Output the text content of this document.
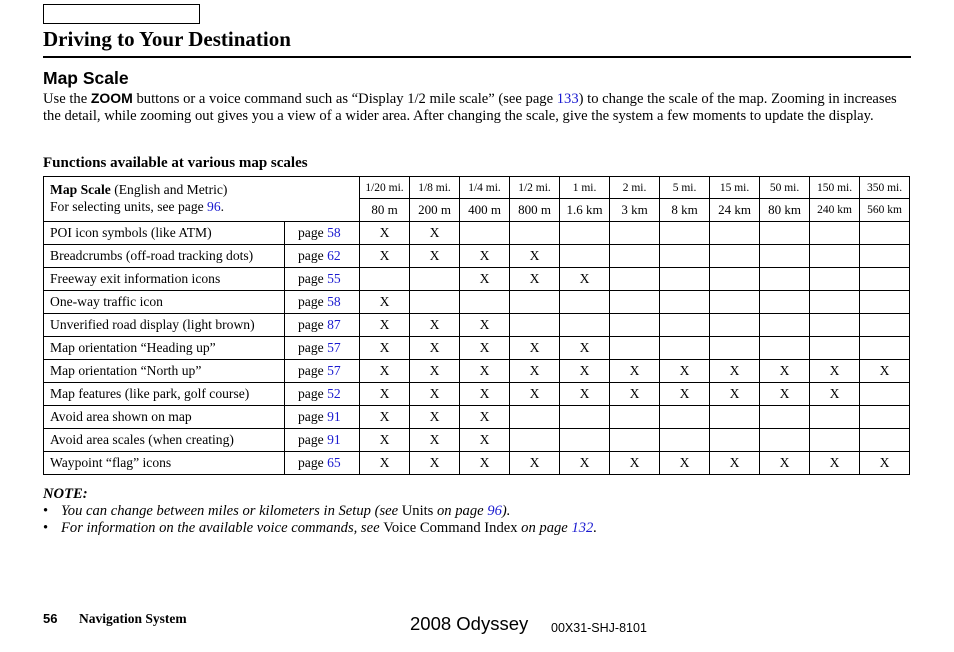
Driving to Your Destination
Map Scale
Use the ZOOM buttons or a voice command such as “Display 1/2 mile scale” (see page 133) to change the scale of the map. Zooming in increases the detail, while zooming out gives you a view of a wider area. After changing the scale, give the system a few moments to update the display.
Functions available at various map scales
Map Scale (English and Metric)
For selecting units, see page 96.		1/20 mi.	1/8 mi.	1/4 mi.	1/2 mi.	1 mi.	2 mi.	5 mi.	15 mi.	50 mi.	150 mi.	350 mi.
		80 m	200 m	400 m	800 m	1.6 km	3 km	8 km	24 km	80 km	240 km	560 km
POI icon symbols (like ATM)	page 58	X	X									
Breadcrumbs (off-road tracking dots)	page 62	X	X	X	X							
Freeway exit information icons	page 55			X	X	X						
One-way traffic icon	page 58	X										
Unverified road display (light brown)	page 87	X	X	X								
Map orientation “Heading up”	page 57	X	X	X	X	X						
Map orientation “North up”	page 57	X	X	X	X	X	X	X	X	X	X	X
Map features (like park, golf course)	page 52	X	X	X	X	X	X	X	X	X	X	
Avoid area shown on map	page 91	X	X	X								
Avoid area scales (when creating)	page 91	X	X	X								
Waypoint “flag” icons	page 65	X	X	X	X	X	X	X	X	X	X	X
NOTE:
• You can change between miles or kilometers in Setup (see Units on page 96).
• For information on the available voice commands, see Voice Command Index on page 132.
56 Navigation System	2008 Odyssey 00X31-SHJ-8101
